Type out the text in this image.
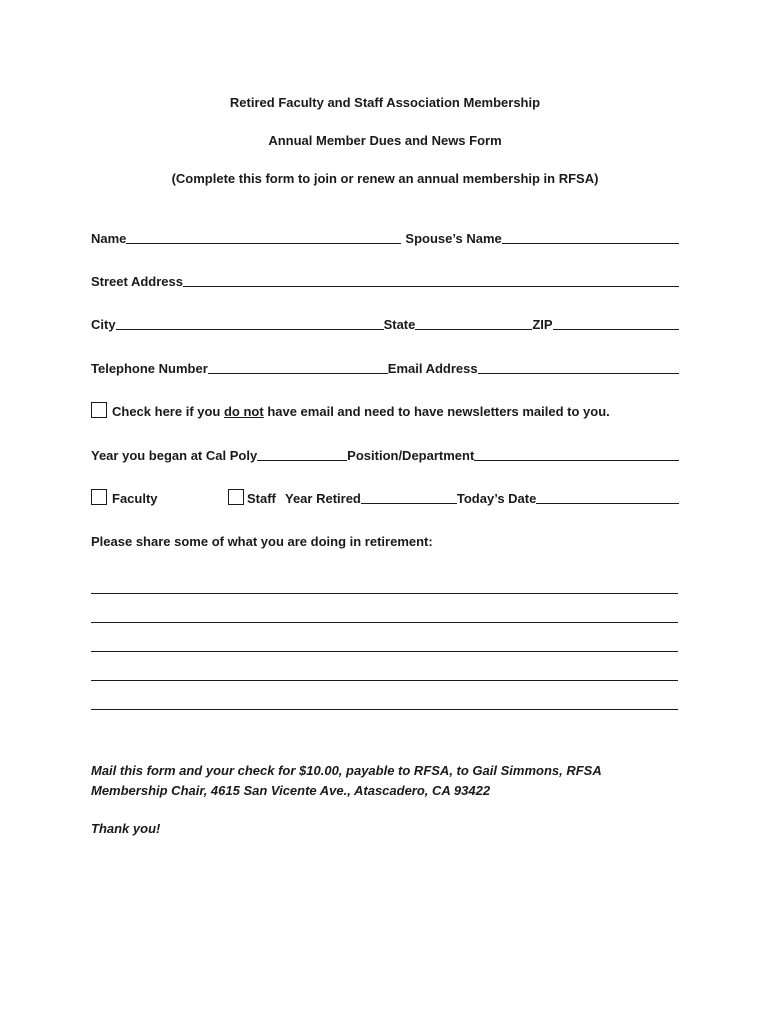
Retired Faculty and Staff Association Membership
Annual Member Dues and News Form
(Complete this form to join or renew an annual membership in RFSA)
Name	Spouse’s Name
Street Address
City	State	ZIP
Telephone Number	Email Address
Check here if you do not have email and need to have newsletters mailed to you.
Year you began at Cal Poly	Position/Department
Faculty	Staff Year Retired	Today’s Date
Please share some of what you are doing in retirement:
Mail this form and your check for $10.00, payable to RFSA, to Gail Simmons, RFSA
Membership Chair, 4615 San Vicente Ave., Atascadero, CA 93422
Thank you!
